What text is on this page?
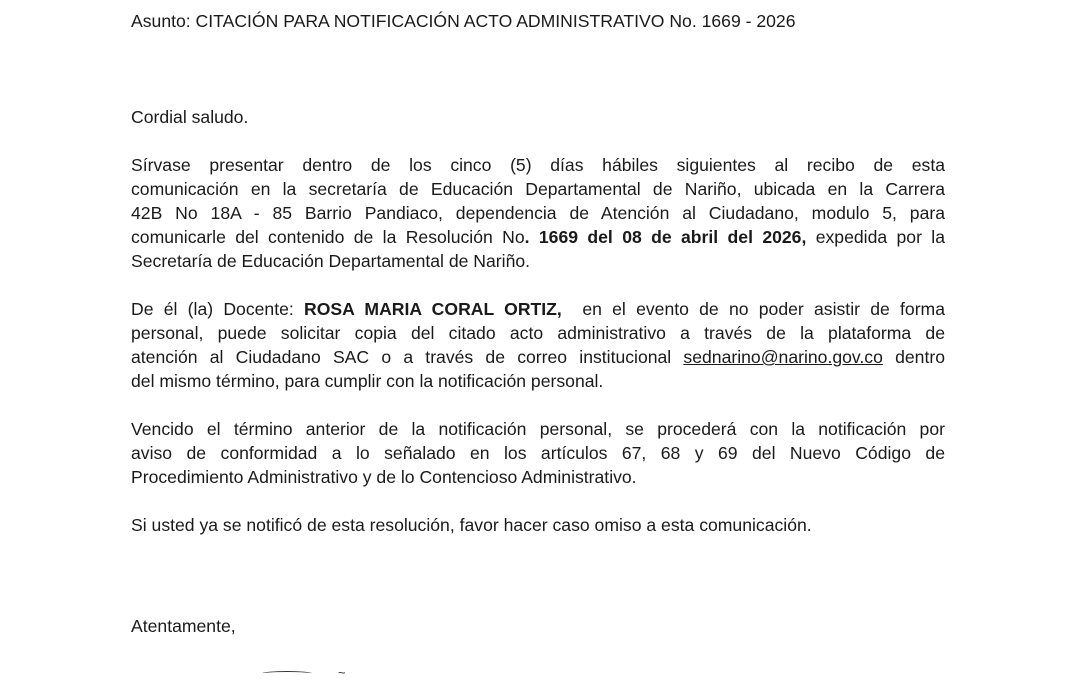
Asunto: CITACIÓN PARA NOTIFICACIÓN ACTO ADMINISTRATIVO No. 1669 - 2026
Cordial saludo.
Sírvase presentar dentro de los cinco (5) días hábiles siguientes al recibo de esta
comunicación en la secretaría de Educación Departamental de Nariño, ubicada en la Carrera
42B No 18A - 85 Barrio Pandiaco, dependencia de Atención al Ciudadano, modulo 5, para
comunicarle del contenido de la Resolución No. 1669 del 08 de abril del 2026, expedida por la
Secretaría de Educación Departamental de Nariño.
De él (la) Docente: ROSA MARIA CORAL ORTIZ,  en el evento de no poder asistir de forma
personal, puede solicitar copia del citado acto administrativo a través de la plataforma de
atención al Ciudadano SAC o a través de correo institucional sednarino@narino.gov.co dentro
del mismo término, para cumplir con la notificación personal.
Vencido el término anterior de la notificación personal, se procederá con la notificación por
aviso de conformidad a lo señalado en los artículos 67, 68 y 69 del Nuevo Código de
Procedimiento Administrativo y de lo Contencioso Administrativo.
Si usted ya se notificó de esta resolución, favor hacer caso omiso a esta comunicación.
Atentamente,
~
